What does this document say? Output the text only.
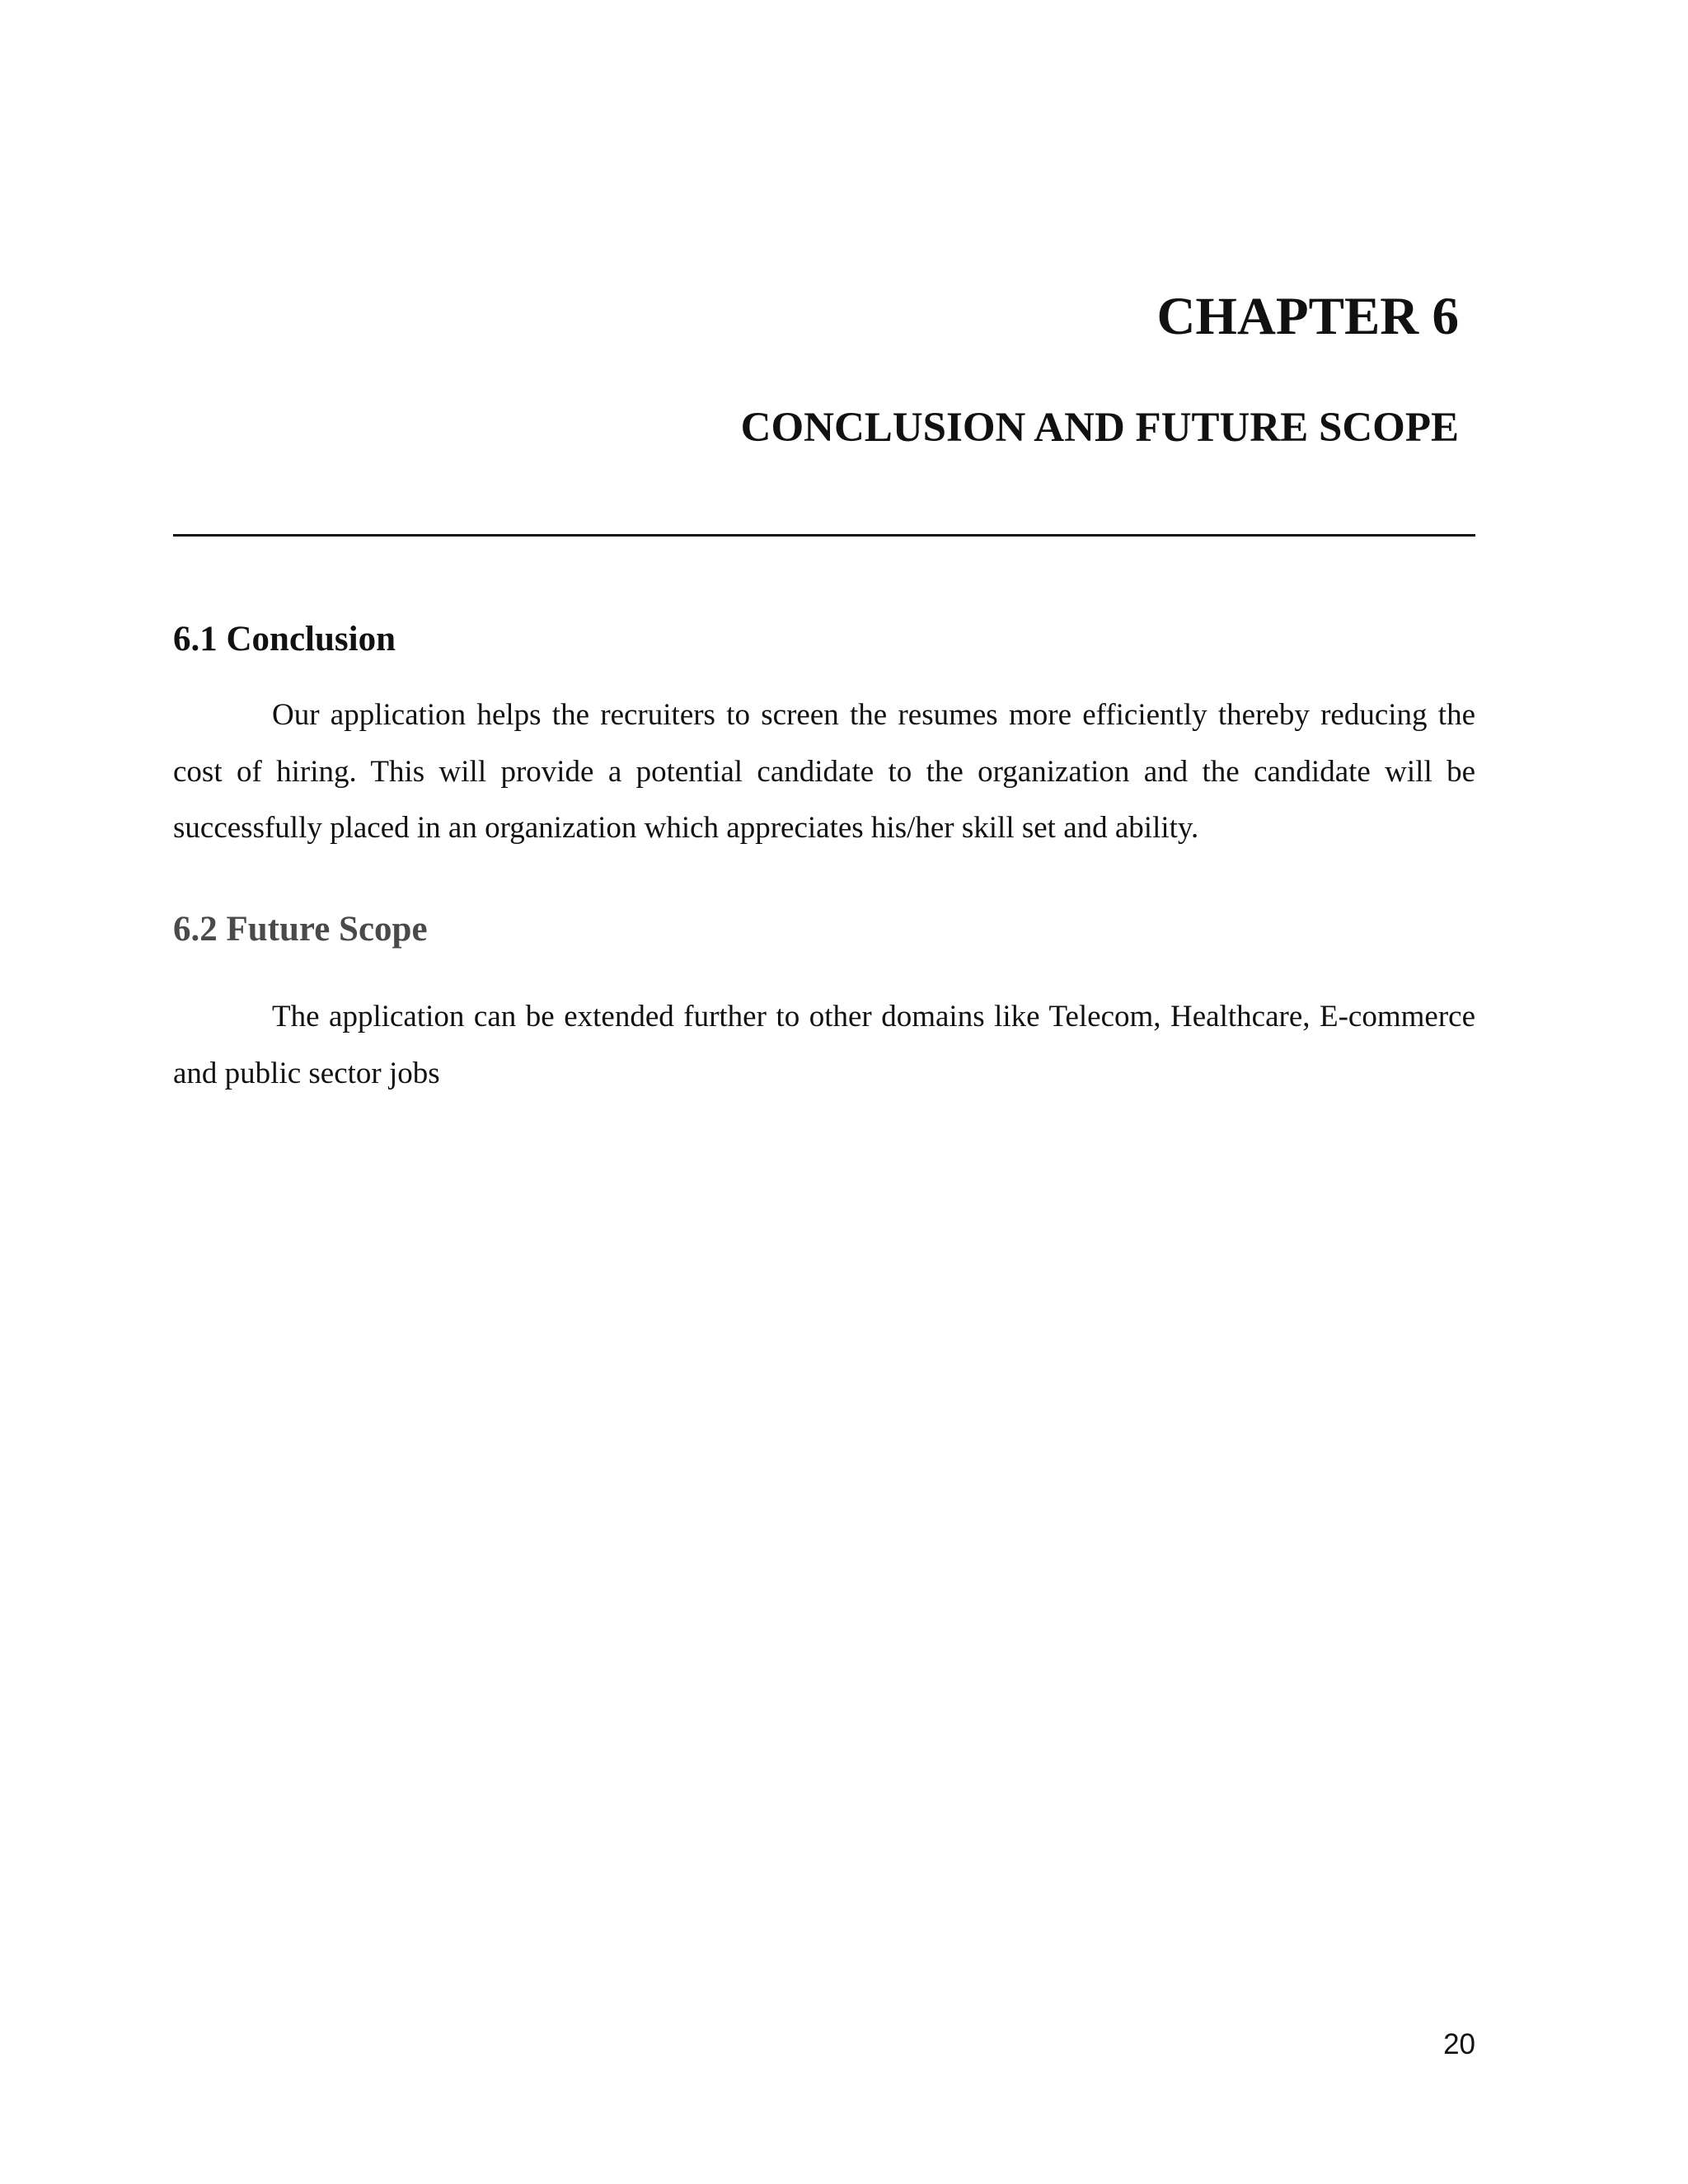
CHAPTER 6
CONCLUSION AND FUTURE SCOPE
6.1 Conclusion

Our application helps the recruiters to screen the resumes more efficiently thereby reducing the cost of hiring. This will provide a potential candidate to the organization and the candidate will be successfully placed in an organization which appreciates his/her skill set and ability.

6.2 Future Scope

The application can be extended further to other domains like Telecom, Healthcare, E-commerce and public sector jobs

20
